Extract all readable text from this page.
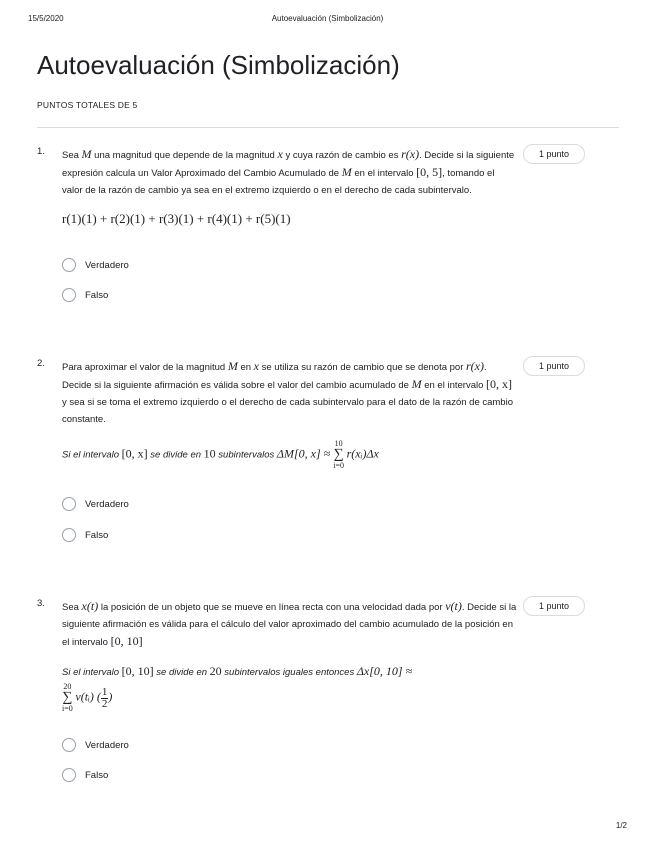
15/5/2020	Autoevaluación (Simbolización)
Autoevaluación (Simbolización)
PUNTOS TOTALES DE 5
1. Sea M una magnitud que depende de la magnitud x y cuya razón de cambio es r(x). Decide si la siguiente expresión calcula un Valor Aproximado del Cambio Acumulado de M en el intervalo [0, 5], tomando el valor de la razón de cambio ya sea en el extremo izquierdo o en el derecho de cada subintervalo.

r(1)(1) + r(2)(1) + r(3)(1) + r(4)(1) + r(5)(1)

1 punto
Verdadero
Falso
2. Para aproximar el valor de la magnitud M en x se utiliza su razón de cambio que se denota por r(x). Decide si la siguiente afirmación es válida sobre el valor del cambio acumulado de M en el intervalo [0, x] y sea si se toma el extremo izquierdo o el derecho de cada subintervalo para el dato de la razón de cambio constante.

Si el intervalo [0, x] se divide en 10 subintervalos ΔM[0, x] ≈
10
∑
i=0
r(xᵢ)Δx

1 punto
Verdadero
Falso
3. Sea x(t) la posición de un objeto que se mueve en línea recta con una velocidad dada por v(t). Decide si la siguiente afirmación es válida para el cálculo del valor aproximado del cambio acumulado de la posición en el intervalo [0, 10]

Si el intervalo [0, 10] se divide en 20 subintervalos iguales entonces Δx[0, 10] ≈

20
∑
i=0
v(tᵢ) ( $\frac{1}{2}$ )

1 punto
Verdadero
Falso
1/2
